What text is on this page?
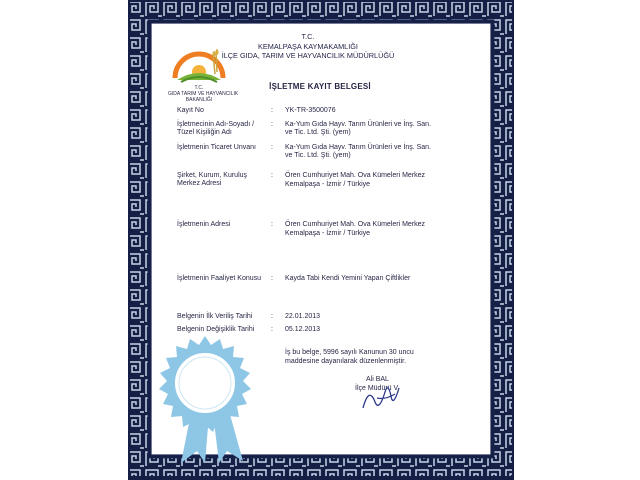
T.C.
GIDA TARIM VE HAYVANCILIK
BAKANLIĞI
T.C.
KEMALPAŞA KAYMAKAMLIĞI
İLÇE GIDA, TARIM VE HAYVANCILIK MÜDÜRLÜĞÜ
İŞLETME KAYIT BELGESİ
Kayıt No	: YK-TR-3500076
İşletmecinin Adı-Soyadı /
Tüzel Kişiliğin Adı
: Ka-Yum Gıda Hayv. Tarım Ürünleri ve İnş. San.
ve Tic. Ltd. Şti. (yem)
İşletmenin Ticaret Unvanı : Ka-Yum Gıda Hayv. Tarım Ürünleri ve İnş. San.
ve Tic. Ltd. Şti. (yem)
Şirket, Kurum, Kuruluş
Merkez Adresi
: Ören Cumhuriyet Mah. Ova Kümeleri Merkez
Kemalpaşa - İzmir / Türkiye
İşletmenin Adresi	: Ören Cumhuriyet Mah. Ova Kümeleri Merkez
Kemalpaşa - İzmir / Türkiye
İşletmenin Faaliyet Konusu : Kayda Tabi Kendi Yemini Yapan Çiftlikler
Belgenin İlk Veriliş Tarihi	: 22.01.2013
Belgenin Değişiklik Tarihi : 05.12.2013
İş bu belge, 5996 sayılı Kanunun 30 uncu
maddesine dayanılarak düzenlenmiştir.
Ali BAL
İlçe Müdürü V.
